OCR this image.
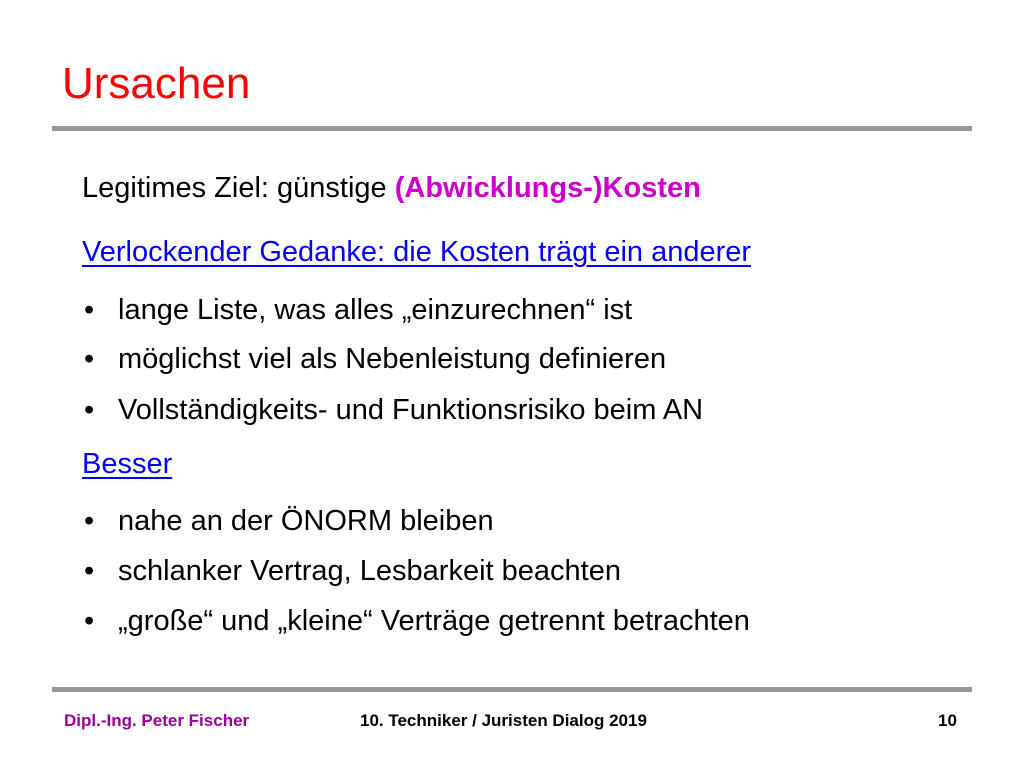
Ursachen
Legitimes Ziel: günstige (Abwicklungs-)Kosten
Verlockender Gedanke: die Kosten trägt ein anderer
• lange Liste, was alles „einzurechnen“ ist
• möglichst viel als Nebenleistung definieren
• Vollständigkeits- und Funktionsrisiko beim AN
Besser
• nahe an der ÖNORM bleiben
• schlanker Vertrag, Lesbarkeit beachten
• „große“ und „kleine“ Verträge getrennt betrachten
Dipl.-Ing. Peter Fischer	10. Techniker / Juristen Dialog 2019	10
